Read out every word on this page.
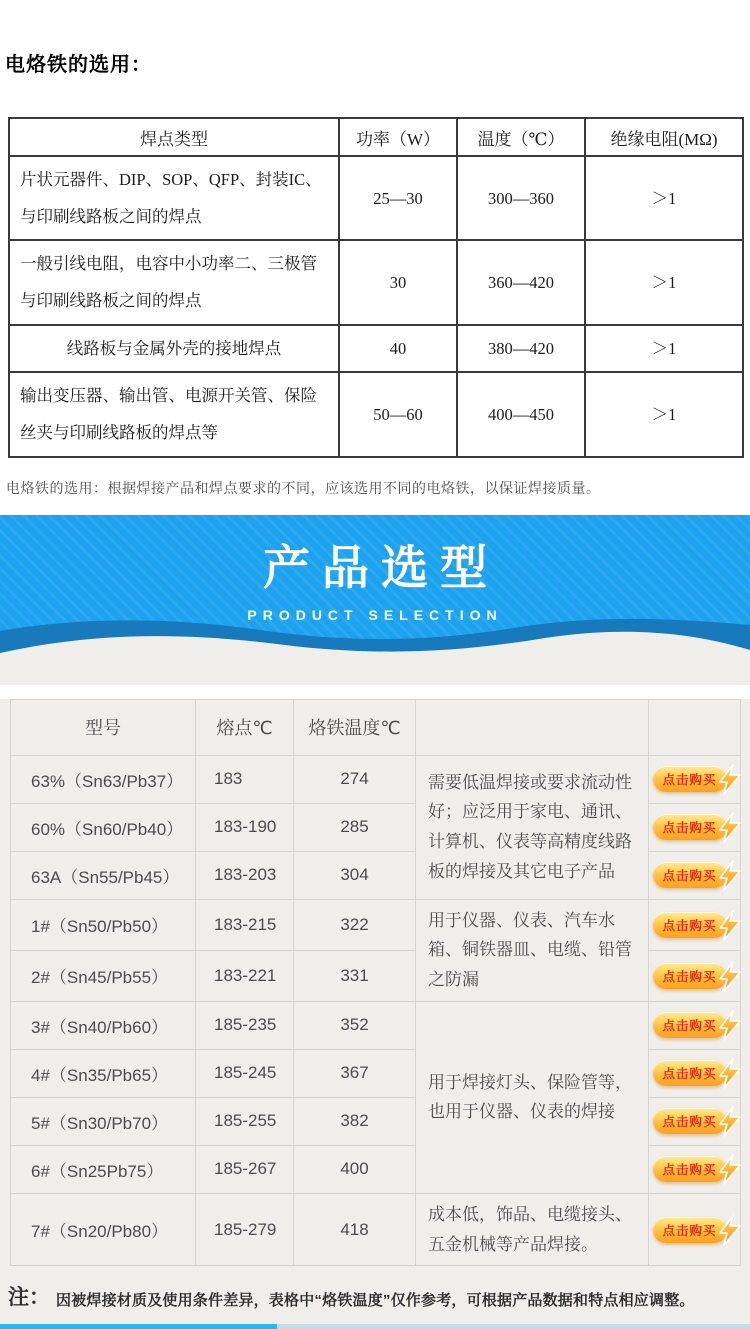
电烙铁的选用：
焊点类型	功率（W）	温度（℃）	绝缘电阻(MΩ)
片状元器件、DIP、SOP、QFP、封装IC、与印刷线路板之间的焊点	25—30	300—360	＞1
一般引线电阻，电容中小功率二、三极管与印刷线路板之间的焊点	30	360—420	＞1
线路板与金属外壳的接地焊点	40	380—420	＞1
输出变压器、输出管、电源开关管、保险丝夹与印刷线路板的焊点等	50—60	400—450	＞1

电烙铁的选用：根据焊接产品和焊点要求的不同，应该选用不同的电烙铁，以保证焊接质量。

产品选型
PRODUCT SELECTION
型号	熔点℃	烙铁温度℃		
63%（Sn63/Pb37）	183	274	需要低温焊接或要求流动性好；应泛用于家电、通讯、计算机、仪表等高精度线路板的焊接及其它电子产品	点击购买

60%（Sn60/Pb40）	183-190	285		点击购买

63A（Sn55/Pb45）	183-203	304		点击购买

1#（Sn50/Pb50）	183-215	322	用于仪器、仪表、汽车水箱、铜铁器皿、电缆、铅管之防漏	点击购买

2#（Sn45/Pb55）	183-221	331		点击购买

3#（Sn40/Pb60）	185-235	352	用于焊接灯头、保险管等，也用于仪器、仪表的焊接	点击购买

4#（Sn35/Pb65）	185-245	367		点击购买

5#（Sn30/Pb70）	185-255	382		点击购买

6#（Sn25Pb75）	185-267	400		点击购买

7#（Sn20/Pb80）	185-279	418	成本低，饰品、电缆接头、五金机械等产品焊接。	点击购买
注： 因被焊接材质及使用条件差异，表格中“烙铁温度”仅作参考，可根据产品数据和特点相应调整。
